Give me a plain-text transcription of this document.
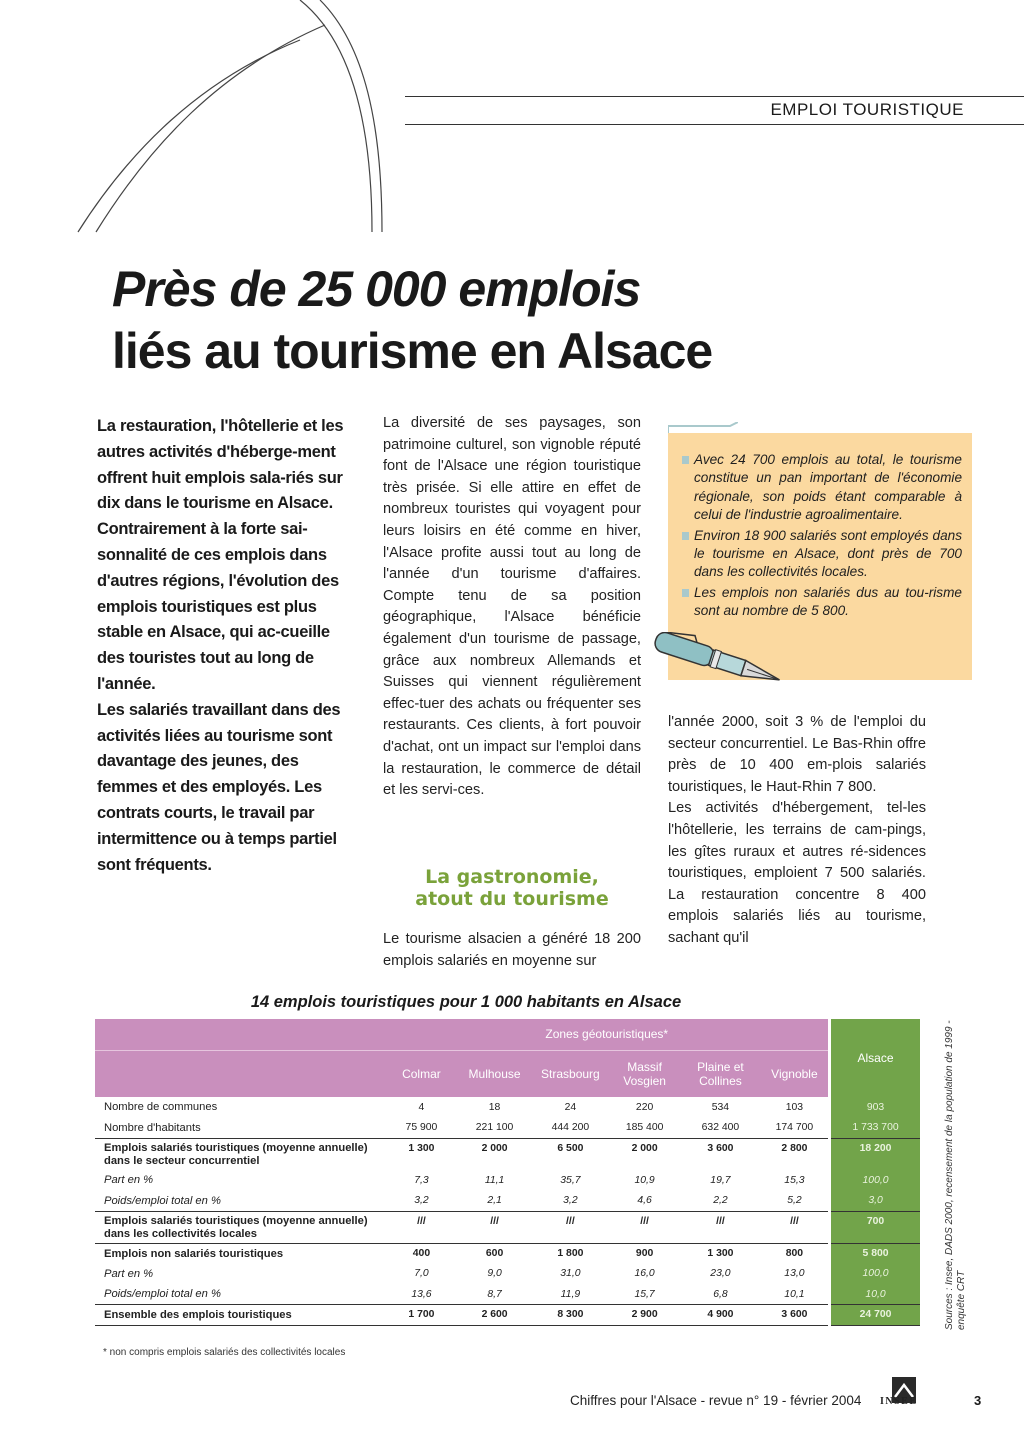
EMPLOI TOURISTIQUE
Près de 25 000 emplois
liés au tourisme en Alsace

La restauration, l'hôtellerie et les autres activités d'héberge-ment offrent huit emplois sala-riés sur dix dans le tourisme en Alsace.

Contrairement à la forte sai-sonnalité de ces emplois dans d'autres régions, l'évolution des emplois touristiques est plus stable en Alsace, qui ac-cueille des touristes tout au long de l'année.

Les salariés travaillant dans des activités liées au tourisme sont davantage des jeunes, des femmes et des employés. Les contrats courts, le travail par intermittence ou à temps partiel sont fréquents.

La diversité de ses paysages, son patrimoine culturel, son vignoble réputé font de l'Alsace une région touristique très prisée. Si elle attire en effet de nombreux touristes qui voyagent pour leurs loisirs en été comme en hiver, l'Alsace profite aussi tout au long de l'année d'un tourisme d'affaires. Compte tenu de sa position géographique, l'Alsace bénéficie également d'un tourisme de passage, grâce aux nombreux Allemands et Suisses qui viennent régulièrement effec-tuer des achats ou fréquenter ses restaurants. Ces clients, à fort pouvoir d'achat, ont un impact sur l'emploi dans la restauration, le commerce de détail et les servi-ces.

La gastronomie,
atout du tourisme

Le tourisme alsacien a généré 18 200 emplois salariés en moyenne sur

Avec 24 700 emplois au total, le tourisme constitue un pan important de l'économie régionale, son poids étant comparable à celui de l'industrie agroalimentaire.
Environ 18 900 salariés sont employés dans le tourisme en Alsace, dont près de 700 dans les collectivités locales.
Les emplois non salariés dus au tou-risme sont au nombre de 5 800.

l'année 2000, soit 3 % de l'emploi du secteur concurrentiel. Le Bas-Rhin offre près de 10 400 em-plois salariés touristiques, le Haut-Rhin 7 800.

Les activités d'hébergement, tel-les l'hôtellerie, les terrains de cam-pings, les gîtes ruraux et autres ré-sidences touristiques, emploient 7 500 salariés. La restauration concentre 8 400 emplois salariés liés au tourisme, sachant qu'il

14 emplois touristiques pour 1 000 habitants en Alsace
	Zones géotouristiques*						Alsace
	Colmar	Mulhouse	Strasbourg	Massif Vosgien	Plaine et Collines	Vignoble	
Nombre de communes	4	18	24	220	534	103	903
Nombre d'habitants	75 900	221 100	444 200	185 400	632 400	174 700	1 733 700
Emplois salariés touristiques (moyenne annuelle) dans le secteur concurrentiel	1 300	2 000	6 500	2 000	3 600	2 800	18 200
Part en %	7,3	11,1	35,7	10,9	19,7	15,3	100,0
Poids/emploi total en %	3,2	2,1	3,2	4,6	2,2	5,2	3,0
Emplois salariés touristiques (moyenne annuelle) dans les collectivités locales	///	///	///	///	///	///	700
Emplois non salariés touristiques	400	600	1 800	900	1 300	800	5 800
Part en %	7,0	9,0	31,0	16,0	23,0	13,0	100,0
Poids/emploi total en %	13,6	8,7	11,9	15,7	6,8	10,1	10,0
Ensemble des emplois touristiques	1 700	2 600	8 300	2 900	4 900	3 600	24 700	Sources : Insee, DADS 2000, recensement de la population de 1999 - enquête CRT
* non compris emplois salariés des collectivités locales
Chiffres pour l'Alsace - revue n° 19 - février 2004 INSEE	3
